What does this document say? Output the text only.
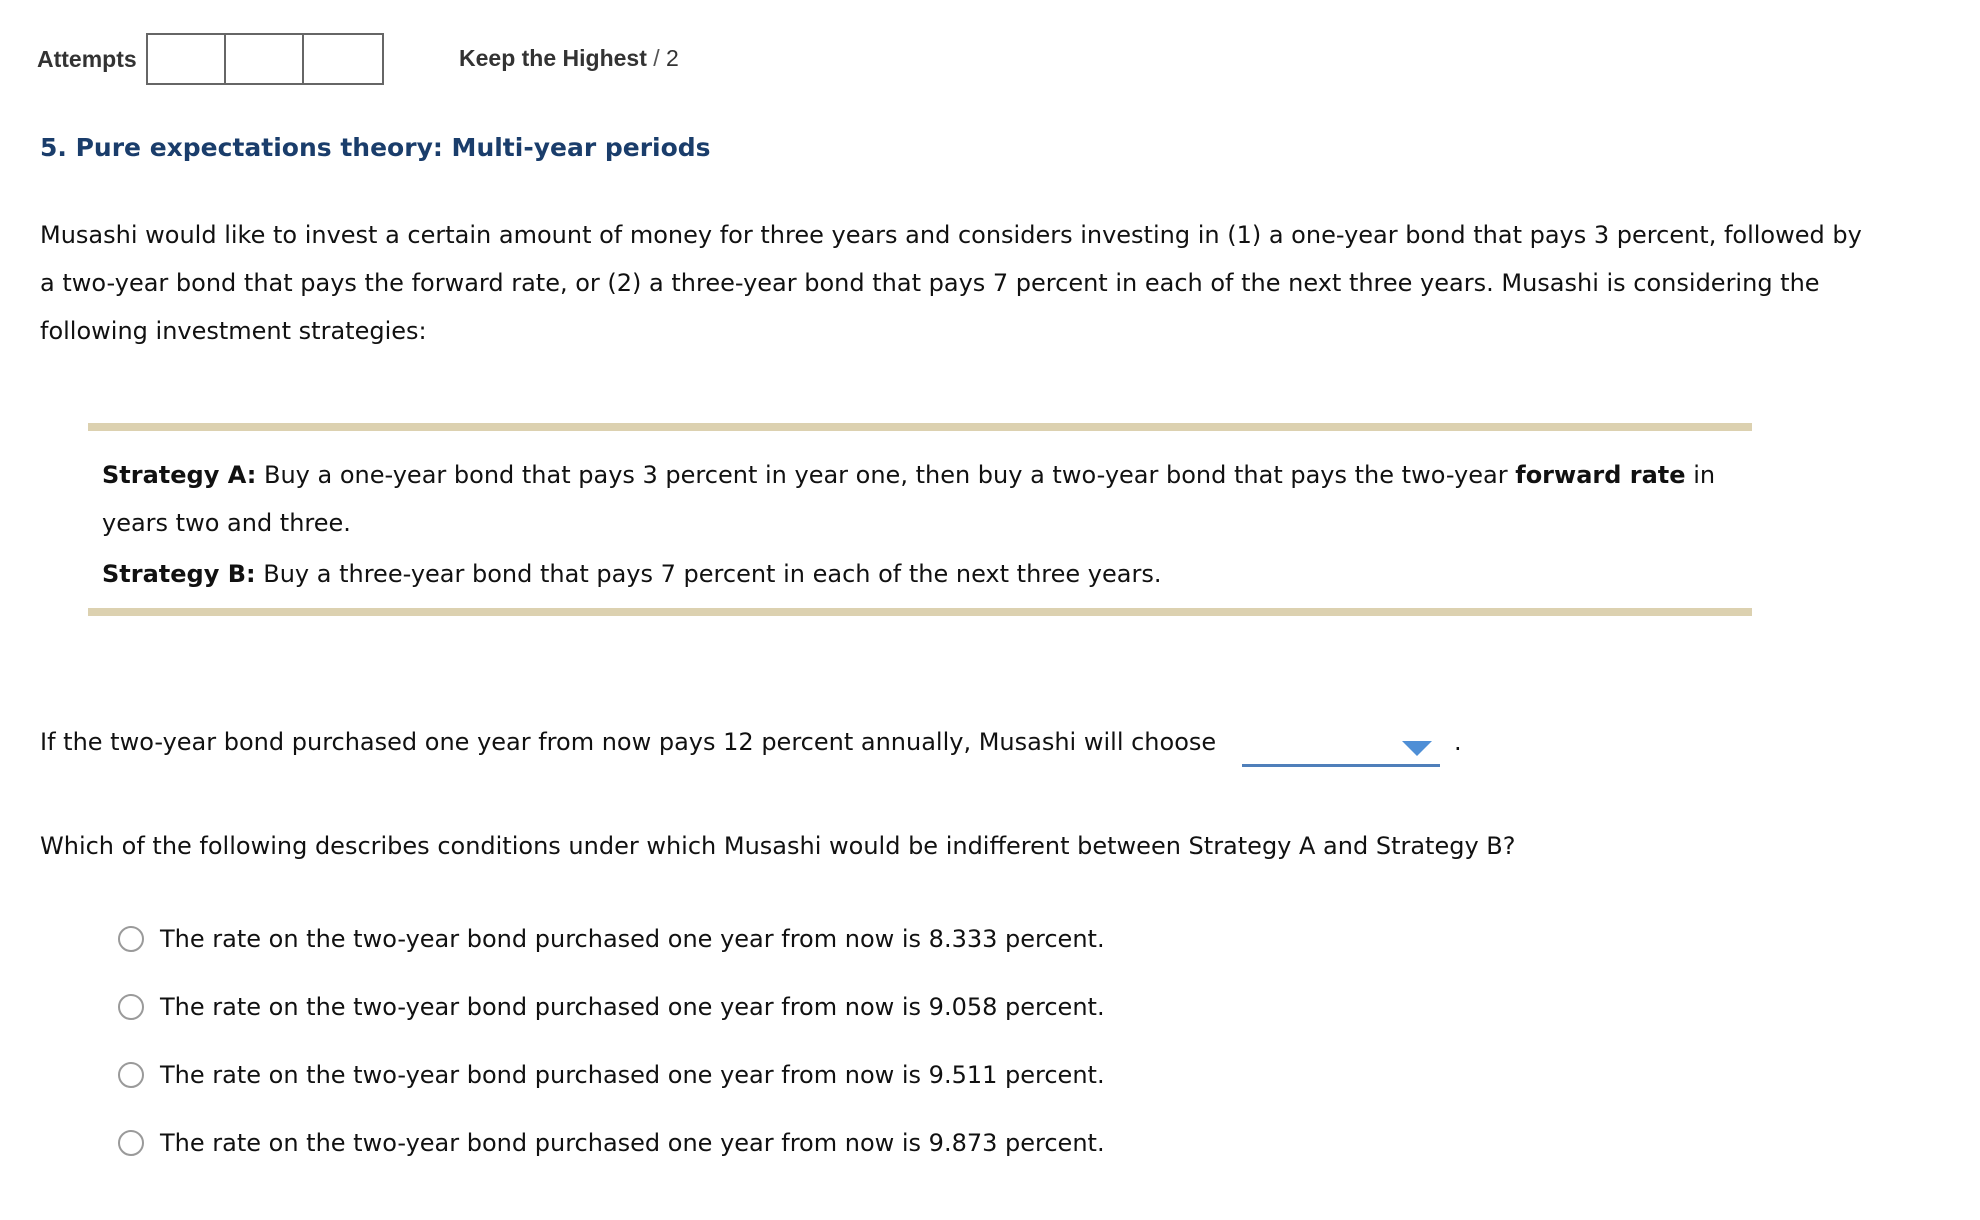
Attempts	Keep the Highest / 2
5. Pure expectations theory: Multi-year periods
Musashi would like to invest a certain amount of money for three years and considers investing in (1) a one-year bond that pays 3 percent, followed by a two-year bond that pays the forward rate, or (2) a three-year bond that pays 7 percent in each of the next three years. Musashi is considering the following investment strategies:
Strategy A: Buy a one-year bond that pays 3 percent in year one, then buy a two-year bond that pays the two-year forward rate in years two and three.
Strategy B: Buy a three-year bond that pays 7 percent in each of the next three years.
If the two-year bond purchased one year from now pays 12 percent annually, Musashi will choose	.
Which of the following describes conditions under which Musashi would be indifferent between Strategy A and Strategy B?
The rate on the two-year bond purchased one year from now is 8.333 percent.
The rate on the two-year bond purchased one year from now is 9.058 percent.
The rate on the two-year bond purchased one year from now is 9.511 percent.
The rate on the two-year bond purchased one year from now is 9.873 percent.
